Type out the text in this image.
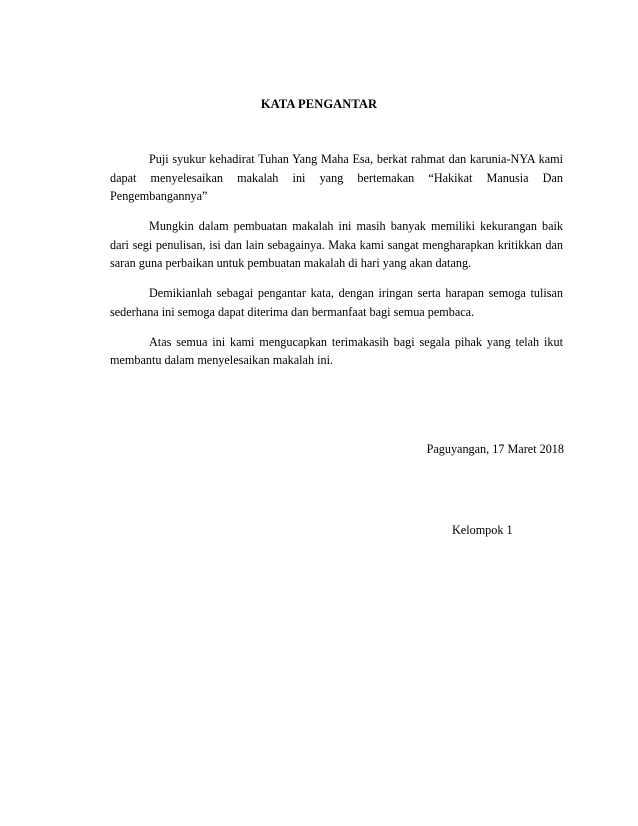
KATA PENGANTAR

Puji syukur kehadirat Tuhan Yang Maha Esa, berkat rahmat dan karunia-NYA kami dapat menyelesaikan makalah ini yang bertemakan “Hakikat Manusia Dan Pengembangannya”

Mungkin dalam pembuatan makalah ini masih banyak memiliki kekurangan baik dari segi penulisan, isi dan lain sebagainya. Maka kami sangat mengharapkan kritikkan dan saran guna perbaikan untuk pembuatan makalah di hari yang akan datang.

Demikianlah sebagai pengantar kata, dengan iringan serta harapan semoga tulisan sederhana ini semoga dapat diterima dan bermanfaat bagi semua pembaca.

Atas semua ini kami mengucapkan terimakasih bagi segala pihak yang telah ikut membantu dalam menyelesaikan makalah ini.

Paguyangan, 17 Maret 2018
Kelompok 1
